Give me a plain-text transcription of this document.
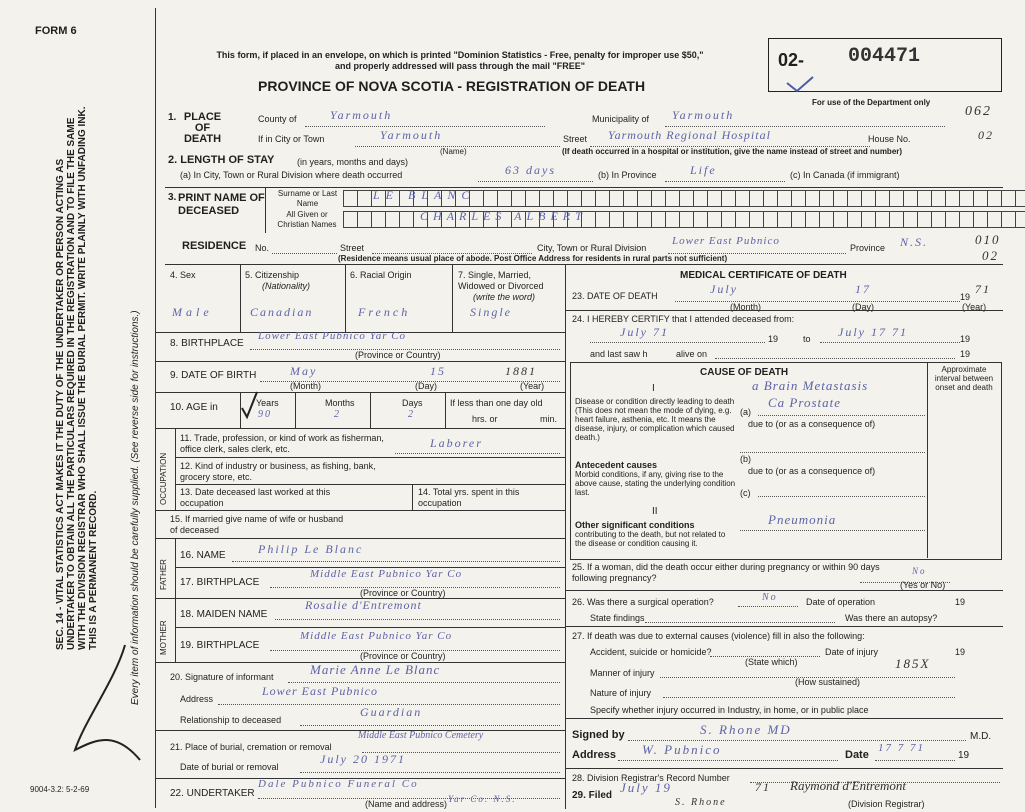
FORM 6
SEC. 14 - VITAL STATISTICS ACT MAKES IT THE DUTY OF THE UNDERTAKER OR PERSON ACTING AS UNDERTAKER TO OBTAIN ALL THE PARTICULARS REQUIRED IN THE REGISTRATION AND TO FILE THE SAME WITH THE DIVISION REGISTRAR WHO SHALL ISSUE THE BURIAL PERMIT. WRITE PLAINLY WITH UNFADING INK. THIS IS A PERMANENT RECORD.	Every item of information should be carefully supplied. (See reverse side for instructions.)
9004-3.2: 5-2-69
This form, if placed in an envelope, on which is printed "Dominion Statistics - Free, penalty for improper use $50," and properly addressed will pass through the mail "FREE"
PROVINCE OF NOVA SCOTIA - REGISTRATION OF DEATH
02- 004471
For use of the Department only
062
1. PLACE OF DEATH
County of	Yarmouth	Municipality of Yarmouth
If in City or Town	Yarmouth
(Name)
Street Yarmouth Regional Hospital	House No.	02
(If death occurred in a hospital or institution, give the name instead of street and number)
2. LENGTH OF STAY	(in years, months and days)
(a) In City, Town or Rural Division where death occurred	63 days	(b) In Province	Life	(c) In Canada (if immigrant)
3. PRINT NAME OF DECEASED
Surname or Last Name
LE BLANC
All Given or Christian Names
CHARLES ALBERT
RESIDENCE No.	Street	City, Town or Rural Division
Lower East Pubnico
Province N.S.	010
02
(Residence means usual place of abode. Post Office Address for residents in rural parts not sufficient)
4. Sex	5. Citizenship
(Nationality)
6. Racial Origin	7. Single, Married, Widowed or Divorced
(write the word)
Male	Canadian	French	Single
8. BIRTHPLACE
Lower East Pubnico Yar Co
(Province or Country)
9. DATE OF BIRTH	May	15	1881
(Month)	(Day)	(Year)
10. AGE in	Years	Months	Days
90	2	2
If less than one day old
hrs. or	min.
OCCUPATION
11. Trade, profession, or kind of work as fisherman, office clerk, sales clerk, etc.	Laborer
12. Kind of industry or business, as fishing, bank, grocery store, etc.
13. Date deceased last worked at this occupation
14. Total yrs. spent in this occupation
15. If married give name of wife or husband of deceased
FATHER
16. NAME	Philip Le Blanc
17. BIRTHPLACE
Middle East Pubnico Yar Co
(Province or Country)
MOTHER
18. MAIDEN NAME
Rosalie d'Entremont
19. BIRTHPLACE
Middle East Pubnico Yar Co
(Province or Country)
20. Signature of informant	Marie Anne Le Blanc
Address
Lower East Pubnico
Relationship to deceased
Guardian
21. Place of burial, cremation or removal
Middle East Pubnico Cemetery
Date of burial or removal
July 20 1971
22. UNDERTAKER
Dale Pubnico Funeral Co
Yar Co. N.S.
(Name and address)
MEDICAL CERTIFICATE OF DEATH
23. DATE OF DEATH	July	17
19
71
(Month)	(Day)	(Year)
24. I HEREBY CERTIFY that I attended deceased from:
July 71	19	to July 17 71	19
and last saw h	alive on	19
CAUSE OF DEATH	Approximate interval between onset and death
I
Disease or condition directly leading to death (This does not mean the mode of dying, e.g. heart failure, asthenia, etc. It means the disease, injury, or complication which caused death.)
(a)
a Brain Metastasis
Ca Prostate
due to (or as a consequence of)
Antecedent causes
Morbid conditions, if any, giving rise to the above cause, stating the underlying condition last.
(b)
due to (or as a consequence of)
(c)
II
Other significant conditions
contributing to the death, but not related to the disease or condition causing it.
Pneumonia
25. If a woman, did the death occur either during pregnancy or within 90 days following pregnancy?
No
(Yes or No)
26. Was there a surgical operation?	No	Date of operation	19
State findings	Was there an autopsy?
27. If death was due to external causes (violence) fill in also the following:
Accident, suicide or homicide?	Date of injury	19
(State which)
Manner of injury
185X
(How sustained)
Nature of injury
Specify whether injury occurred in Industry, in home, or in public place
Signed by	S. Rhone MD	M.D.
Address W. Pubnico	Date
17 7 71
19
28. Division Registrar's Record Number
29. Filed
July 19	71
S. Rhone
Raymond d'Entremont
(Division Registrar)
